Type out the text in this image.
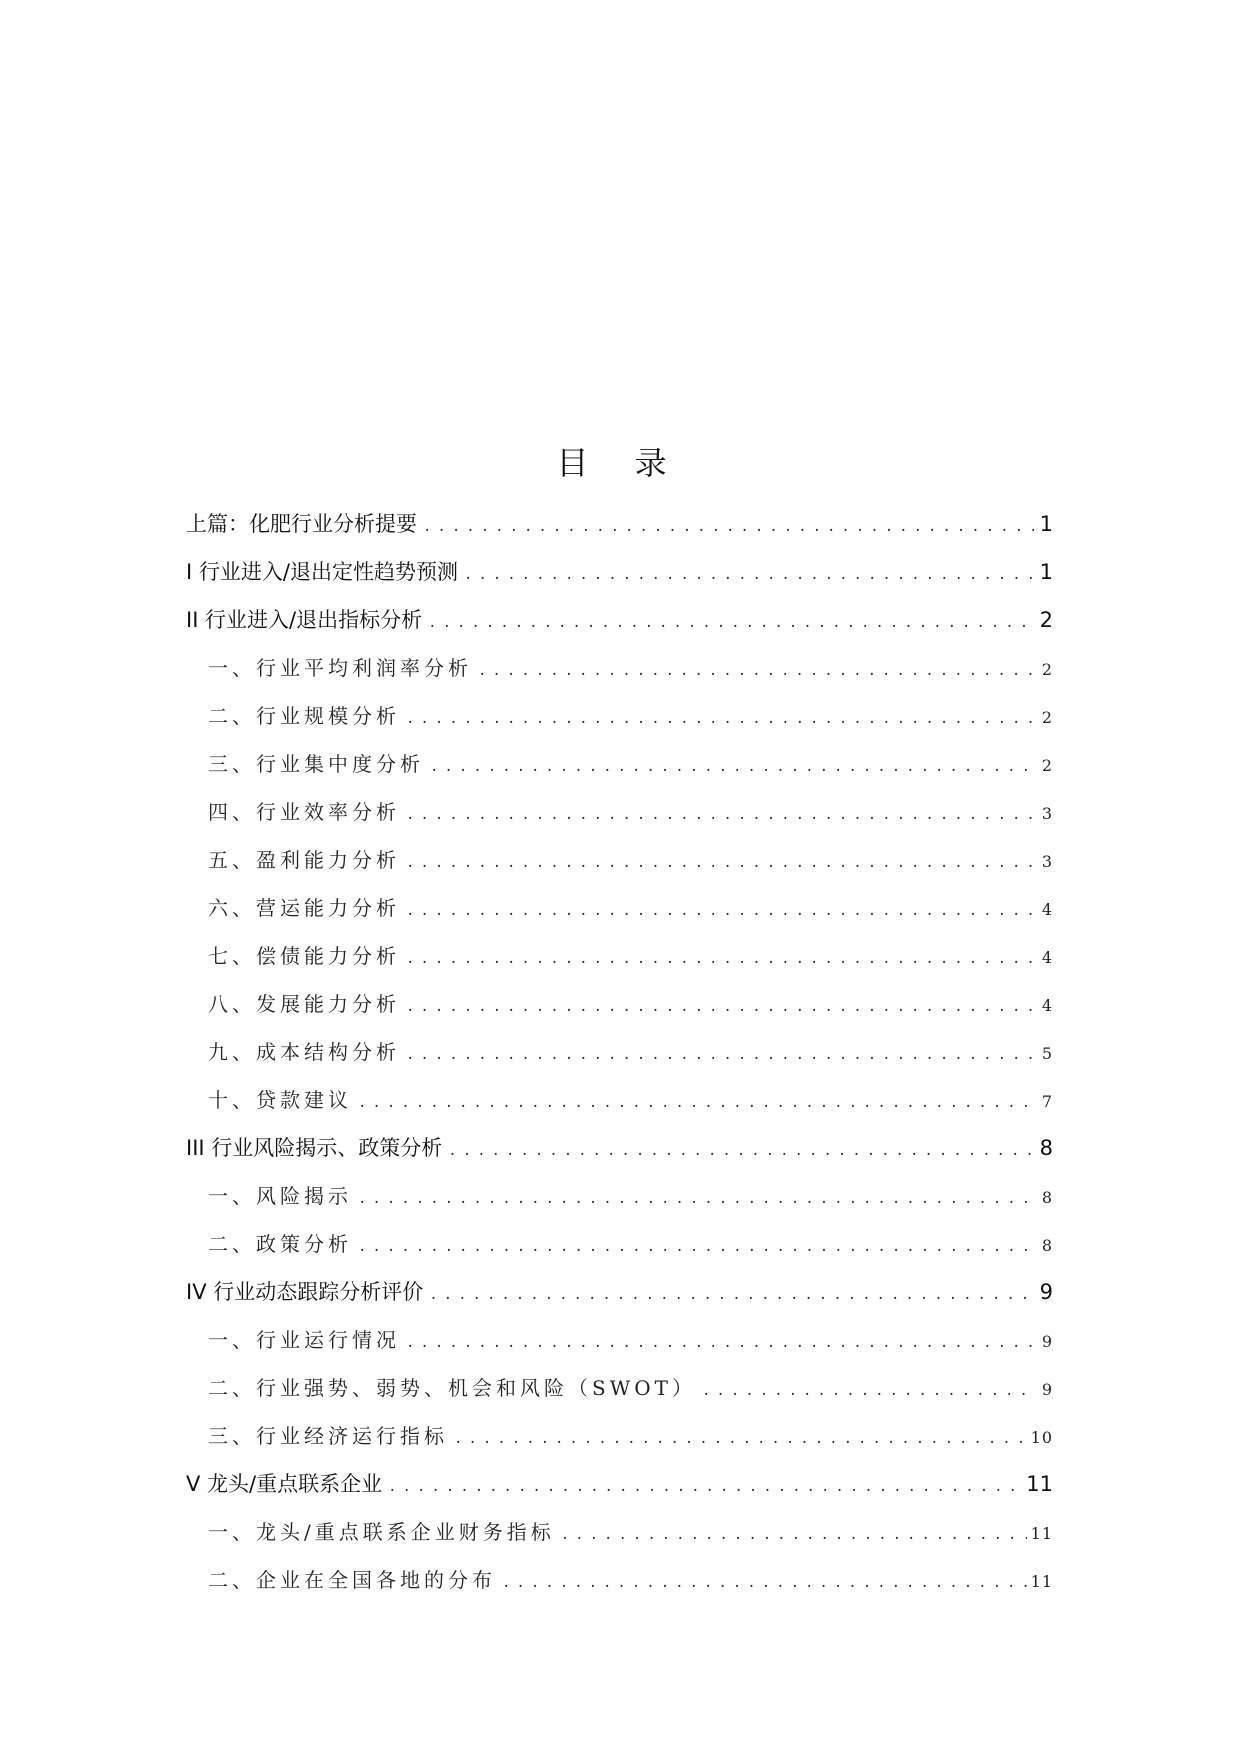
目 录
上篇：化肥行业分析提要 .....	1
I 行业进入/退出定性趋势预测 .....	1
II 行业进入/退出指标分析 .....	2
一、行业平均利润率分析 .....	2
二、行业规模分析 .....	2
三、行业集中度分析 .....	2
四、行业效率分析 .....	3
五、盈利能力分析 .....	3
六、营运能力分析 .....	4
七、偿债能力分析 .....	4
八、发展能力分析 .....	4
九、成本结构分析 .....	5
十、贷款建议 .....	7
III 行业风险揭示、政策分析 .....	8
一、风险揭示 .....	8
二、政策分析 .....	8
IV 行业动态跟踪分析评价 .....	9
一、行业运行情况 .....	9
二、行业强势、弱势、机会和风险（SWOT） .....	9
三、行业经济运行指标 .....	10
V 龙头/重点联系企业 .....	11
一、龙头/重点联系企业财务指标 .....	11
二、企业在全国各地的分布 .....	11
